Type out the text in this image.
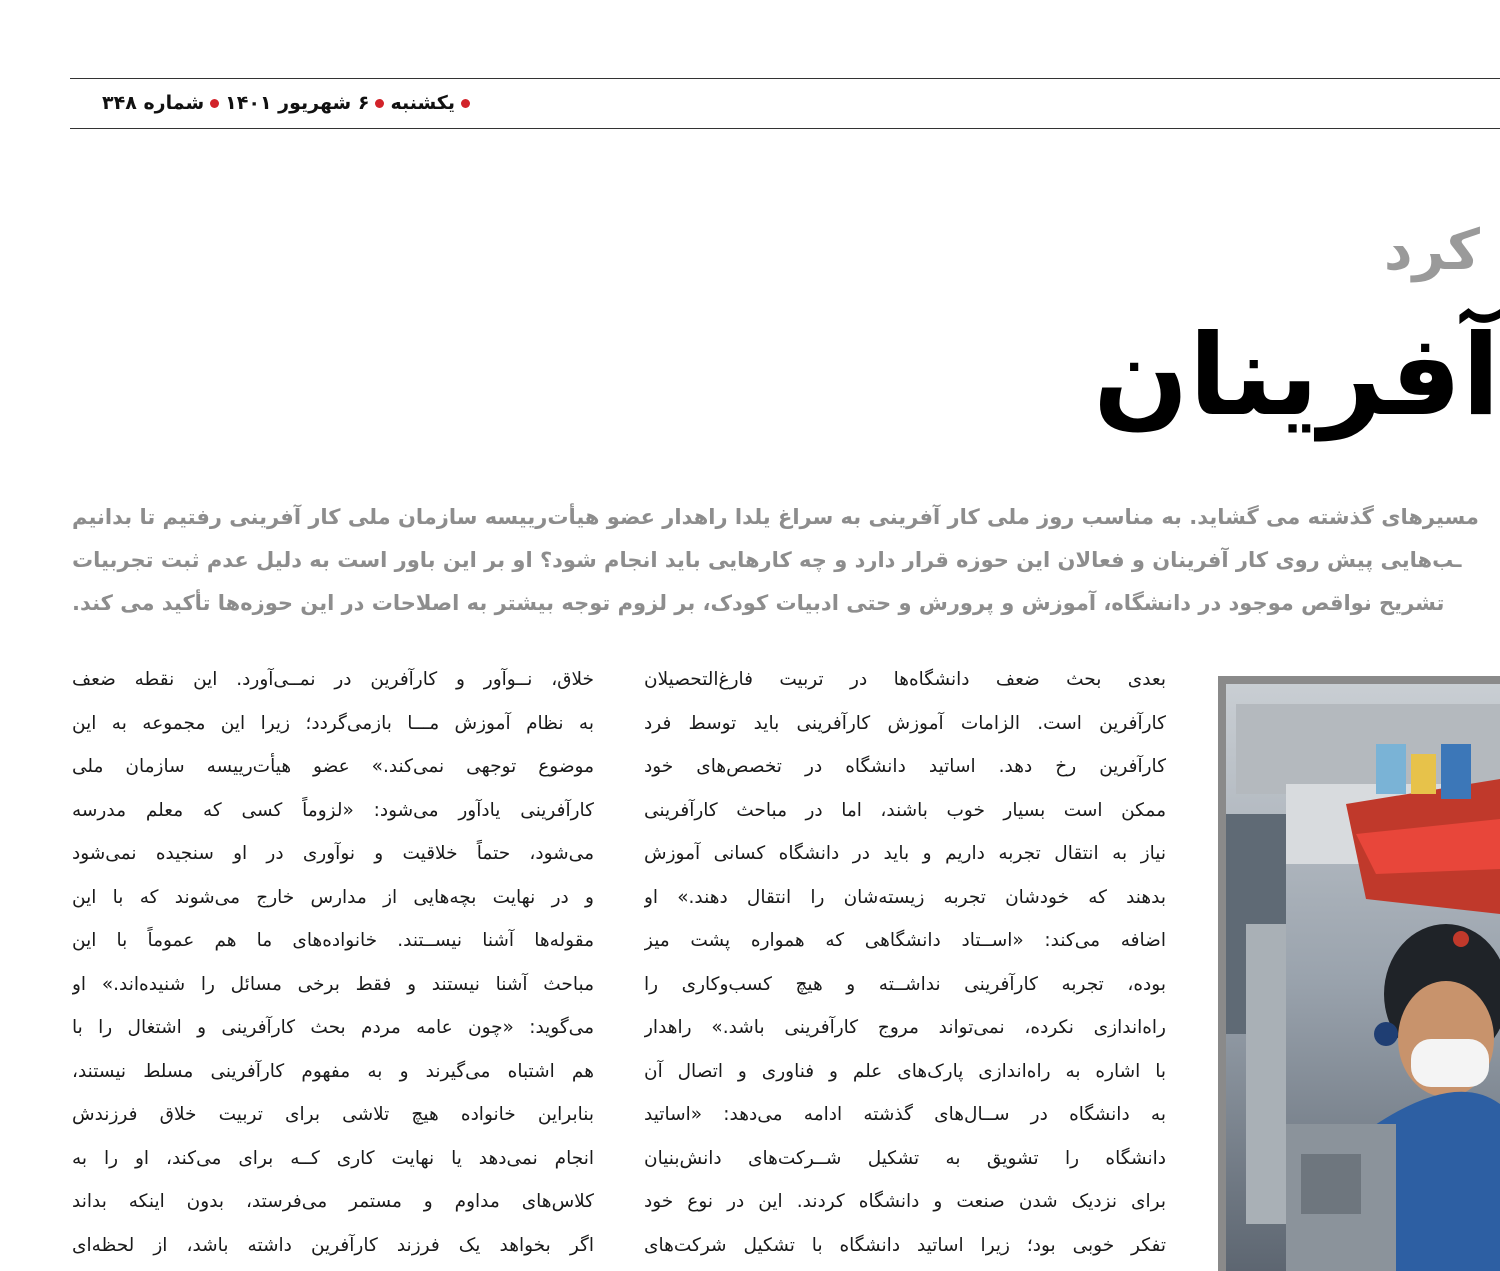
یکشنبه
۶ شهریور ۱۴۰۱
شماره ۳۴۸
کرد
آفرینان
مسیرهای گذشته می گشاید. به مناسب روز ملی کار آفرینی به سراغ یلدا راهدار عضو هیأت‌رییسه سازمان ملی کار آفرینی رفتیم تا بدانیم
ـب‌هایی پیش روی کار آفرینان و فعالان این حوزه قرار دارد و چه کارهایی باید انجام شود؟ او بر این باور است به دلیل عدم ثبت تجربیات
تشریح نواقص موجود در دانشگاه، آموزش و پرورش و حتی ادبیات کودک، بر لزوم توجه بیشتر به اصلاحات در این حوزه‌ها تأکید می کند.
بعدی بحث ضعف دانشگاه‌ها در تربیت فارغ‌التحصیلان
کارآفرین است. الزامات آموزش کارآفرینی باید توسط فرد
کارآفرین رخ دهد. اساتید دانشگاه در تخصص‌های خود
ممکن است بسیار خوب باشند، اما در مباحث کارآفرینی
نیاز به انتقال تجربه داریم و باید در دانشگاه کسانی آموزش
بدهند که خودشان تجربه زیسته‌شان را انتقال دهند.» او
اضافه می‌کند: «اســتاد دانشگاهی که همواره پشت میز
بوده، تجربه کارآفرینی نداشــته و هیچ کسب‌وکاری را
راه‌اندازی نکرده، نمی‌تواند مروج کارآفرینی باشد.» راهدار
با اشاره به راه‌اندازی پارک‌های علم و فناوری و اتصال آن
به دانشگاه در ســال‌های گذشته ادامه می‌دهد: «اساتید
دانشگاه را تشویق به تشکیل شــرکت‌های دانش‌بنیان
برای نزدیک شدن صنعت و دانشگاه کردند. این در نوع خود
تفکر خوبی بود؛ زیرا اساتید دانشگاه با تشکیل شرکت‌های
خلاق، نــوآور و کارآفرین در نمــی‌آورد. این نقطه ضعف
به نظام آموزش مـــا بازمی‌گردد؛ زیرا این مجموعه به این
موضوع توجهی نمی‌کند.» عضو هیأت‌رییسه سازمان ملی
کارآفرینی یادآور می‌شود: «لزوماً کسی که معلم مدرسه
می‌شود، حتماً خلاقیت و نوآوری در او سنجیده نمی‌شود
و در نهایت بچه‌هایی از مدارس خارج می‌شوند که با این
مقوله‌ها آشنا نیســتند. خانواده‌های ما هم عموماً با این
مباحث آشنا نیستند و فقط برخی مسائل را شنیده‌اند.» او
می‌گوید: «چون عامه مردم بحث کارآفرینی و اشتغال را با
هم اشتباه می‌گیرند و به مفهوم کارآفرینی مسلط نیستند،
بنابراین خانواده هیچ تلاشی برای تربیت خلاق فرزندش
انجام نمی‌دهد یا نهایت کاری کــه برای می‌کند، او را به
کلاس‌های مداوم و مستمر می‌فرستد، بدون اینکه بداند
اگر بخواهد یک فرزند کارآفرین داشته باشد، از لحظه‌ای
